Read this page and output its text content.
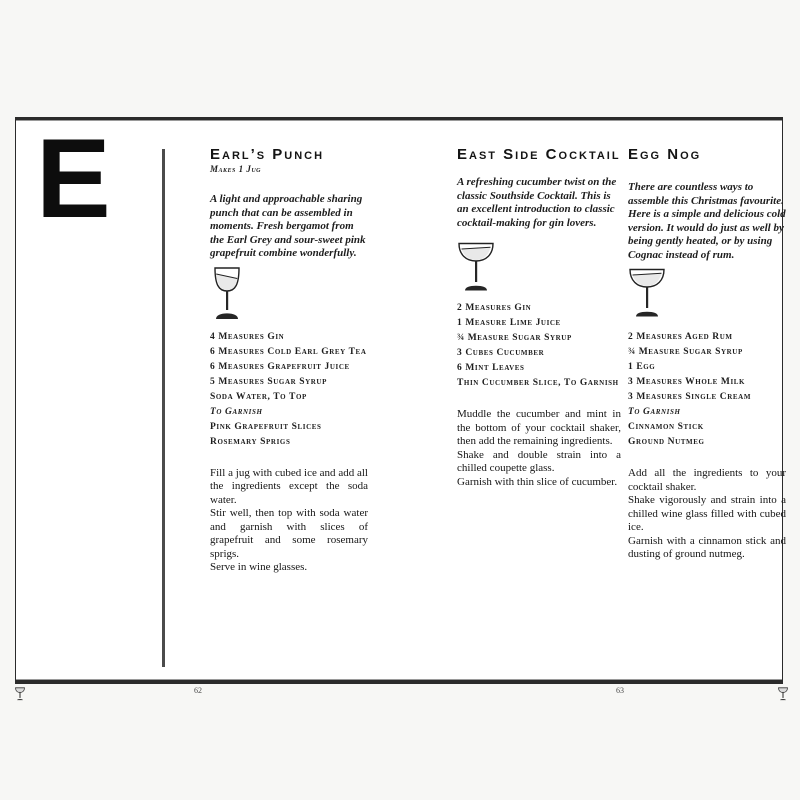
E	Earl’s Punch
Makes 1 Jug
A light and approachable sharing punch that can be assembled in moments. Fresh bergamot from the Earl Grey and sour-sweet pink grapefruit combine wonderfully.
4 Measures Gin
6 Measures Cold Earl Grey Tea
6 Measures Grapefruit Juice
5 Measures Sugar Syrup
Soda Water, To Top
To Garnish
Pink Grapefruit Slices
Rosemary Sprigs

Fill a jug with cubed ice and add all the ingredients except the soda water.

Stir well, then top with soda water and garnish with slices of grapefruit and some rosemary sprigs.

Serve in wine glasses.

East Side Cocktail
A refreshing cucumber twist on the classic Southside Cocktail. This is an excellent introduction to classic cocktail-making for gin lovers.
2 Measures Gin
1 Measure Lime Juice
¾ Measure Sugar Syrup
3 Cubes Cucumber
6 Mint Leaves
Thin Cucumber Slice, To Garnish

Muddle the cucumber and mint in the bottom of your cocktail shaker, then add the remaining ingredients.

Shake and double strain into a chilled coupette glass.

Garnish with thin slice of cucumber.

Egg Nog
There are countless ways to assemble this Christmas favourite. Here is a simple and delicious cold version. It would do just as well by being gently heated, or by using Cognac instead of rum.
2 Measures Aged Rum
¾ Measure Sugar Syrup
1 Egg
3 Measures Whole Milk
3 Measures Single Cream
To Garnish
Cinnamon Stick
Ground Nutmeg

Add all the ingredients to your cocktail shaker.

Shake vigorously and strain into a chilled wine glass filled with cubed ice.

Garnish with a cinnamon stick and dusting of ground nutmeg.

62	63
